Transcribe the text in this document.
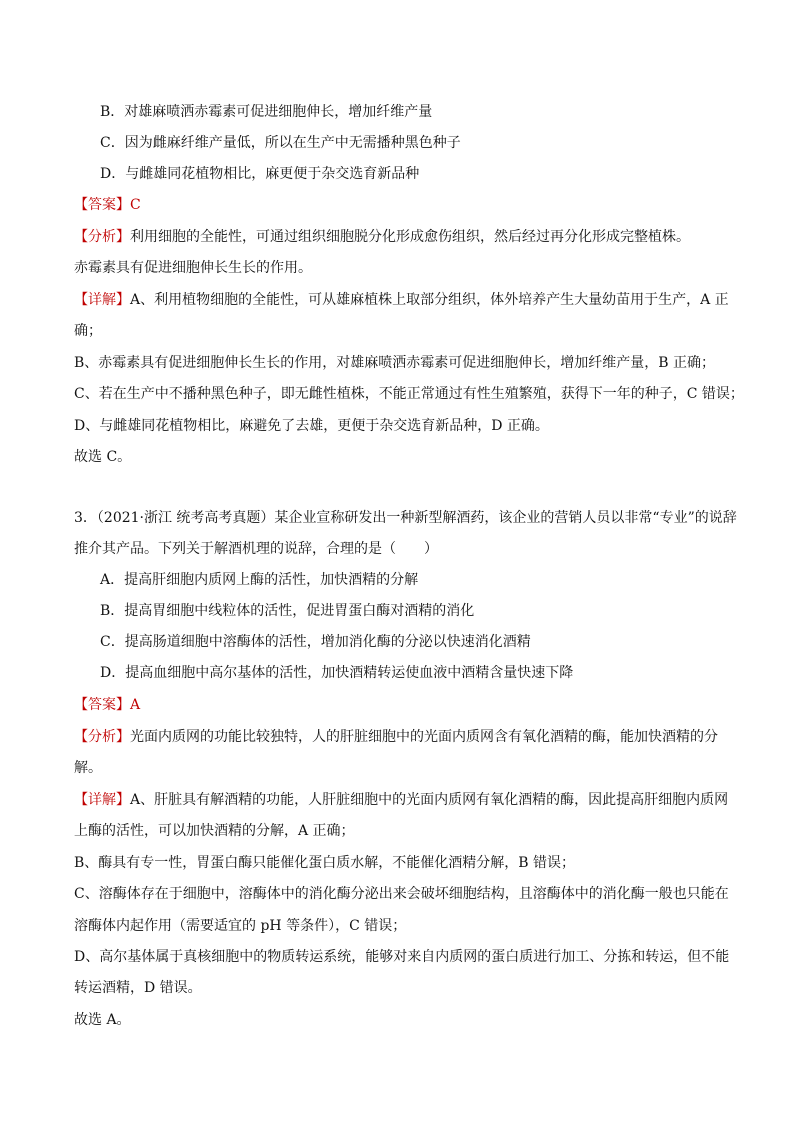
B．对雄麻喷洒赤霉素可促进细胞伸长，增加纤维产量
C．因为雌麻纤维产量低，所以在生产中无需播种黑色种子
D．与雌雄同花植物相比，麻更便于杂交选育新品种
【答案】C
【分析】利用细胞的全能性，可通过组织细胞脱分化形成愈伤组织，然后经过再分化形成完整植株。
赤霉素具有促进细胞伸长生长的作用。
【详解】A、利用植物细胞的全能性，可从雄麻植株上取部分组织，体外培养产生大量幼苗用于生产，A 正
确；
B、赤霉素具有促进细胞伸长生长的作用，对雄麻喷洒赤霉素可促进细胞伸长，增加纤维产量，B 正确；
C、若在生产中不播种黑色种子，即无雌性植株，不能正常通过有性生殖繁殖，获得下一年的种子，C 错误；
D、与雌雄同花植物相比，麻避免了去雄，更便于杂交选育新品种，D 正确。
故选 C。
3．（2021·浙江 统考高考真题）某企业宣称研发出一种新型解酒药，该企业的营销人员以非常“专业”的说辞
推介其产品。下列关于解酒机理的说辞，合理的是（　　）
A．提高肝细胞内质网上酶的活性，加快酒精的分解
B．提高胃细胞中线粒体的活性，促进胃蛋白酶对酒精的消化
C．提高肠道细胞中溶酶体的活性，增加消化酶的分泌以快速消化酒精
D．提高血细胞中高尔基体的活性，加快酒精转运使血液中酒精含量快速下降
【答案】A
【分析】光面内质网的功能比较独特，人的肝脏细胞中的光面内质网含有氧化酒精的酶，能加快酒精的分
解。
【详解】A、肝脏具有解酒精的功能，人肝脏细胞中的光面内质网有氧化酒精的酶，因此提高肝细胞内质网
上酶的活性，可以加快酒精的分解，A 正确；
B、酶具有专一性，胃蛋白酶只能催化蛋白质水解，不能催化酒精分解，B 错误；
C、溶酶体存在于细胞中，溶酶体中的消化酶分泌出来会破坏细胞结构，且溶酶体中的消化酶一般也只能在
溶酶体内起作用（需要适宜的 pH 等条件），C 错误；
D、高尔基体属于真核细胞中的物质转运系统，能够对来自内质网的蛋白质进行加工、分拣和转运，但不能
转运酒精，D 错误。
故选 A。
